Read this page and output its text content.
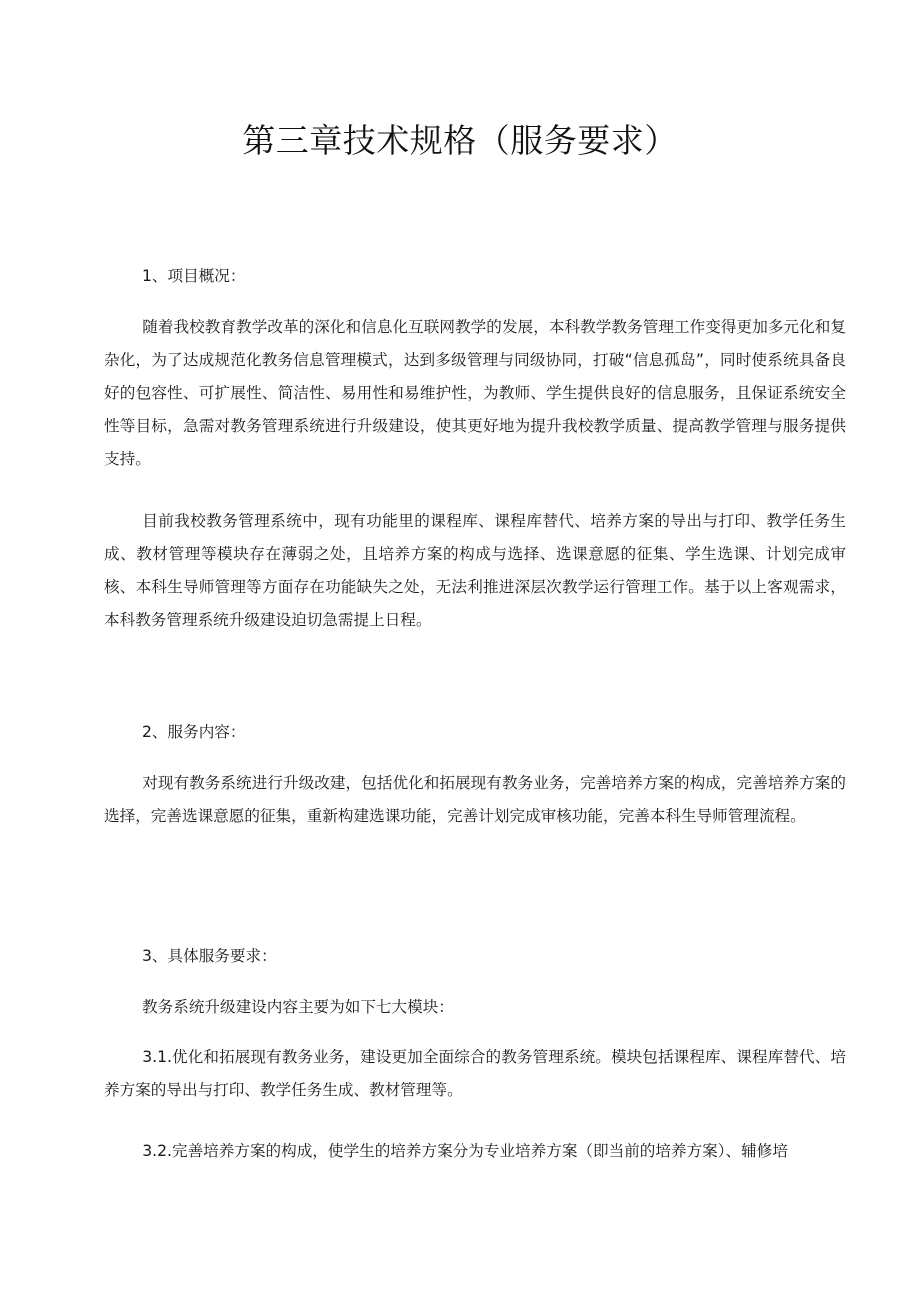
第三章技术规格（服务要求）
1、项目概况：
随着我校教育教学改革的深化和信息化互联网教学的发展，本科教学教务管理工作变得更加多元化和复杂化，为了达成规范化教务信息管理模式，达到多级管理与同级协同，打破“信息孤岛”，同时使系统具备良好的包容性、可扩展性、简洁性、易用性和易维护性，为教师、学生提供良好的信息服务，且保证系统安全性等目标，急需对教务管理系统进行升级建设，使其更好地为提升我校教学质量、提高教学管理与服务提供支持。
目前我校教务管理系统中，现有功能里的课程库、课程库替代、培养方案的导出与打印、教学任务生成、教材管理等模块存在薄弱之处，且培养方案的构成与选择、选课意愿的征集、学生选课、计划完成审核、本科生导师管理等方面存在功能缺失之处，无法利推进深层次教学运行管理工作。基于以上客观需求，本科教务管理系统升级建设迫切急需提上日程。
2、服务内容：
对现有教务系统进行升级改建，包括优化和拓展现有教务业务，完善培养方案的构成，完善培养方案的选择，完善选课意愿的征集，重新构建选课功能，完善计划完成审核功能，完善本科生导师管理流程。
3、具体服务要求：
教务系统升级建设内容主要为如下七大模块：
3.1.优化和拓展现有教务业务，建设更加全面综合的教务管理系统。模块包括课程库、课程库替代、培养方案的导出与打印、教学任务生成、教材管理等。
3.2.完善培养方案的构成，使学生的培养方案分为专业培养方案（即当前的培养方案）、辅修培
